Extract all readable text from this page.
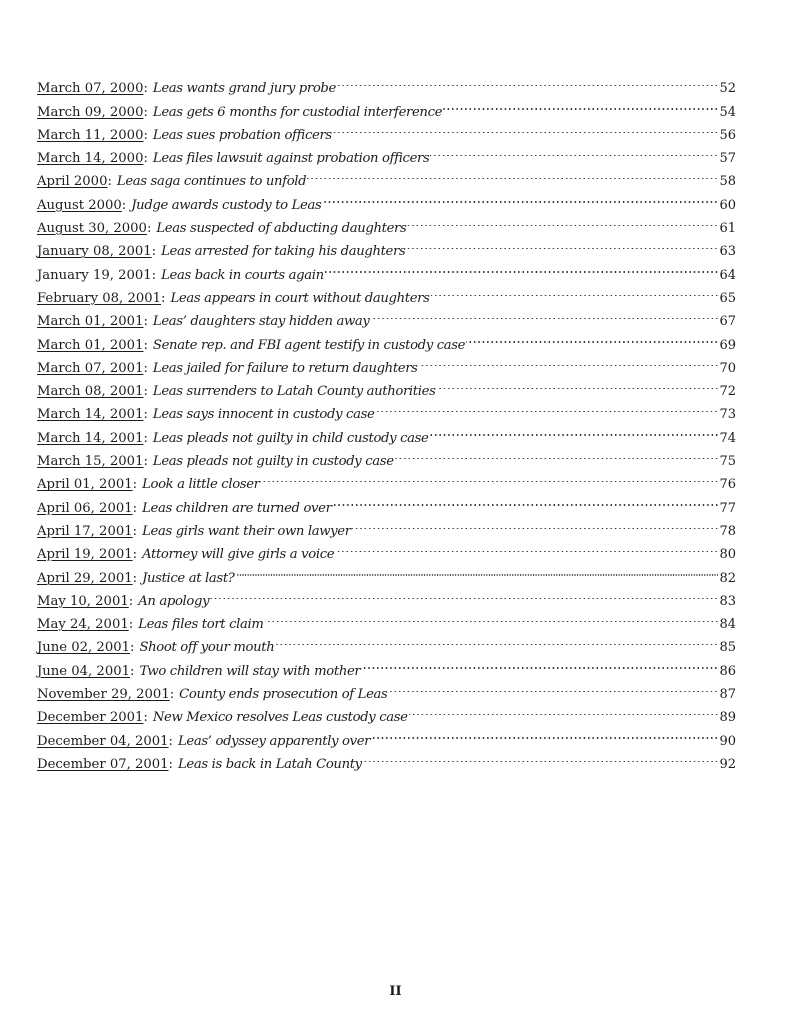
March 07, 2000 : Leas wants grand jury probe	52
March 09, 2000 : Leas gets 6 months for custodial interference	54
March 11, 2000 : Leas sues probation officers	56
March 14, 2000 : Leas files lawsuit against probation officers	57
April 2000 : Leas saga continues to unfold	58
August 2000 : Judge awards custody to Leas	60
August 30, 2000 : Leas suspected of abducting daughters	61
January 08, 2001 : Leas arrested for taking his daughters	63
January 19, 2001 : Leas back in courts again	64
February 08, 2001 : Leas appears in court without daughters	65
March 01, 2001 : Leas’ daughters stay hidden away	67
March 01, 2001 : Senate rep. and FBI agent testify in custody case	69
March 07, 2001 : Leas jailed for failure to return daughters	70
March 08, 2001 : Leas surrenders to Latah County authorities	72
March 14, 2001 : Leas says innocent in custody case	73
March 14, 2001 : Leas pleads not guilty in child custody case	74
March 15, 2001 : Leas pleads not guilty in custody case	75
April 01, 2001 : Look a little closer	76
April 06, 2001 : Leas children are turned over	77
April 17, 2001 : Leas girls want their own lawyer	78
April 19, 2001 : Attorney will give girls a voice	80
April 29, 2001 : Justice at last?	82
May 10, 2001 : An apology	83
May 24, 2001 : Leas files tort claim	84
June 02, 2001 : Shoot off your mouth	85
June 04, 2001 : Two children will stay with mother	86
November 29, 2001 : County ends prosecution of Leas	87
December 2001 : New Mexico resolves Leas custody case	89
December 04, 2001 : Leas’ odyssey apparently over	90
December 07, 2001 : Leas is back in Latah County	92
II
